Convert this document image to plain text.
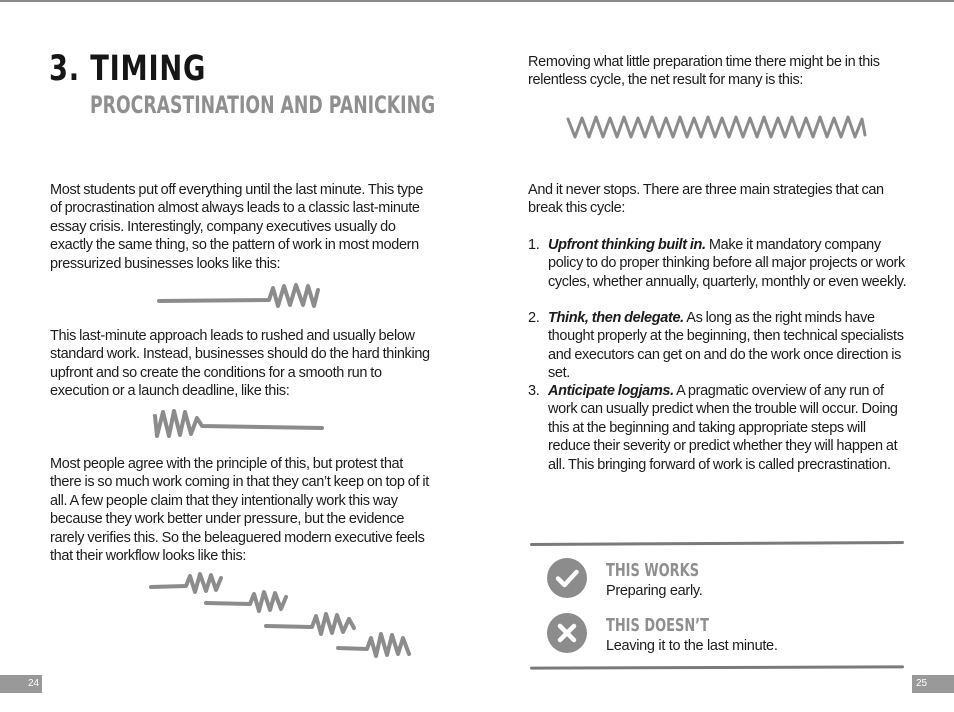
3. TIMING
PROCRASTINATION AND PANICKING

Most students put off everything until the last minute. This type of procrastination almost always leads to a classic last-minute essay crisis. Interestingly, company executives usually do exactly the same thing, so the pattern of work in most modern pressurized businesses looks like this:

This last-minute approach leads to rushed and usually below standard work. Instead, businesses should do the hard thinking upfront and so create the conditions for a smooth run to execution or a launch deadline, like this:

Most people agree with the principle of this, but protest that there is so much work coming in that they can’t keep on top of it all. A few people claim that they intentionally work this way because they work better under pressure, but the evidence rarely verifies this. So the beleaguered modern executive feels that their workflow looks like this:

24

Removing what little preparation time there might be in this relentless cycle, the net result for many is this:

And it never stops. There are three main strategies that can break this cycle:

1. Upfront thinking built in. Make it mandatory company policy to do proper thinking before all major projects or work cycles, whether annually, quarterly, monthly or even weekly.
2. Think, then delegate. As long as the right minds have thought properly at the beginning, then technical specialists and executors can get on and do the work once direction is set.
3. Anticipate logjams. A pragmatic overview of any run of work can usually predict when the trouble will occur. Doing this at the beginning and taking appropriate steps will reduce their severity or predict whether they will happen at all. This bringing forward of work is called precrastination.
THIS WORKS
Preparing early.
THIS DOESN’T
Leaving it to the last minute.
25
